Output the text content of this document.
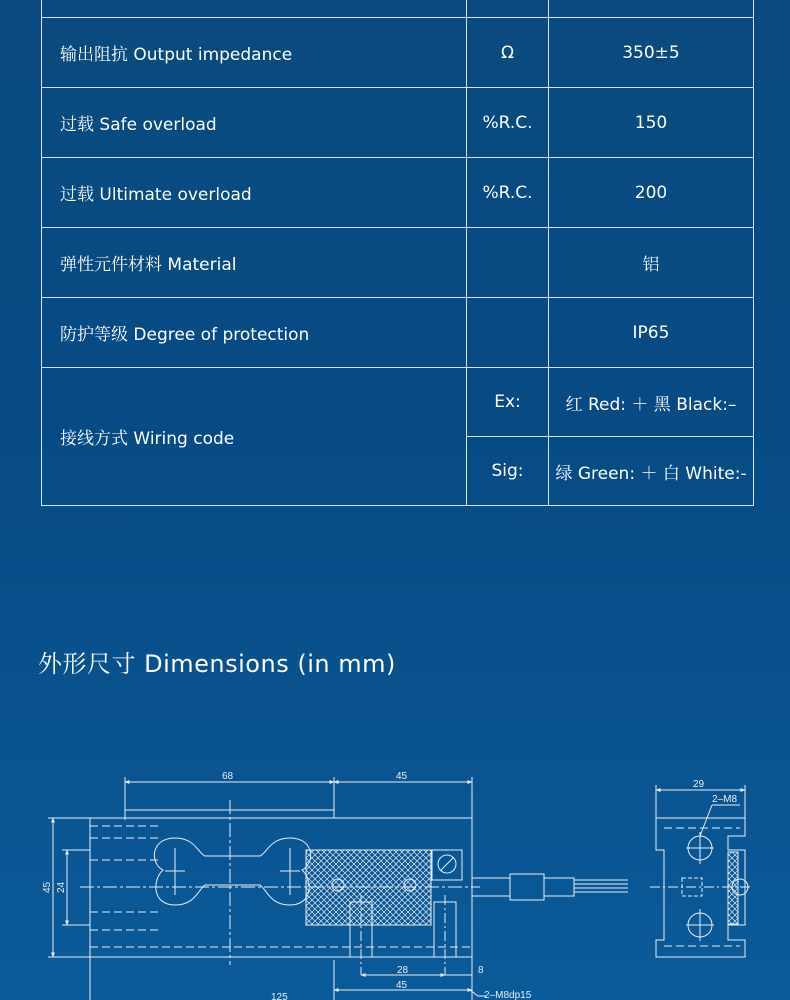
输出阻抗 Output impedance	Ω	350±5
过载 Safe overload	%R.C.	150
过载 Ultimate overload	%R.C.	200
弹性元件材料 Material		铝
防护等级 Degree of protection		IP65
接线方式 Wiring code	Ex:	红 Red: ＋ 黑 Black:–
	Sig:	绿 Green: ＋ 白 White:-
外形尺寸 Dimensions (in mm)
68	45
29
2–M8
45 24
28	8
45
125	2–M8dp15
